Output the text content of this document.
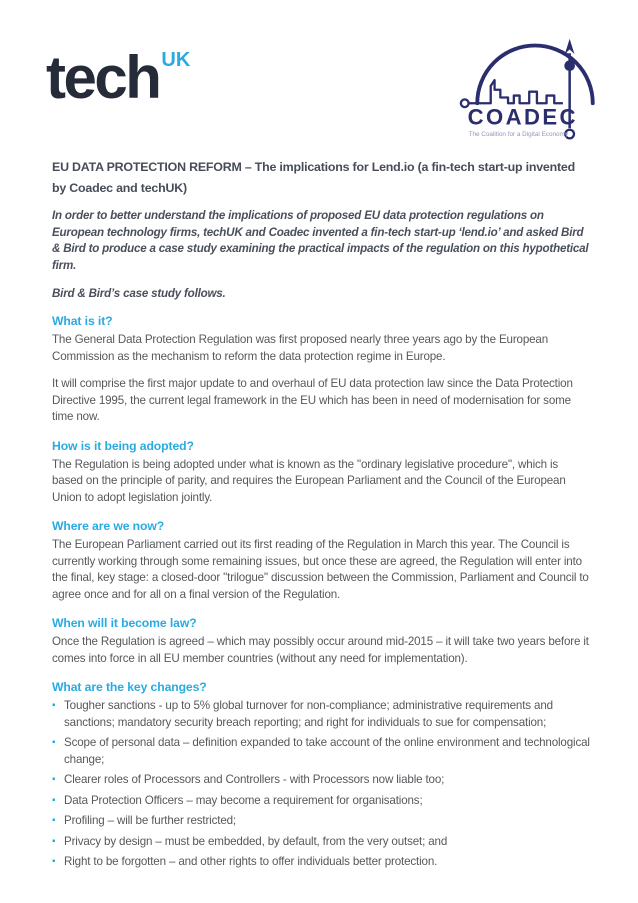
tech UK
COADEC
The Coalition for a Digital Economy

EU DATA PROTECTION REFORM – The implications for Lend.io (a fin-tech start-up invented by Coadec and techUK)

In order to better understand the implications of proposed EU data protection regulations on European technology firms, techUK and Coadec invented a fin-tech start-up ‘lend.io’ and asked Bird & Bird to produce a case study examining the practical impacts of the regulation on this hypothetical firm.

Bird & Bird’s case study follows.

What is it?

The General Data Protection Regulation was first proposed nearly three years ago by the European Commission as the mechanism to reform the data protection regime in Europe.

It will comprise the first major update to and overhaul of EU data protection law since the Data Protection Directive 1995, the current legal framework in the EU which has been in need of modernisation for some time now.

How is it being adopted?

The Regulation is being adopted under what is known as the "ordinary legislative procedure", which is based on the principle of parity, and requires the European Parliament and the Council of the European Union to adopt legislation jointly.

Where are we now?

The European Parliament carried out its first reading of the Regulation in March this year. The Council is currently working through some remaining issues, but once these are agreed, the Regulation will enter into the final, key stage: a closed-door "trilogue" discussion between the Commission, Parliament and Council to agree once and for all on a final version of the Regulation.

When will it become law?

Once the Regulation is agreed – which may possibly occur around mid-2015 – it will take two years before it comes into force in all EU member countries (without any need for implementation).

What are the key changes?
▪ Tougher sanctions - up to 5% global turnover for non-compliance; administrative requirements and sanctions; mandatory security breach reporting; and right for individuals to sue for compensation;
▪ Scope of personal data – definition expanded to take account of the online environment and technological change;
▪ Clearer roles of Processors and Controllers - with Processors now liable too;
▪ Data Protection Officers – may become a requirement for organisations;
▪ Profiling – will be further restricted;
▪ Privacy by design – must be embedded, by default, from the very outset; and
▪ Right to be forgotten – and other rights to offer individuals better protection.
